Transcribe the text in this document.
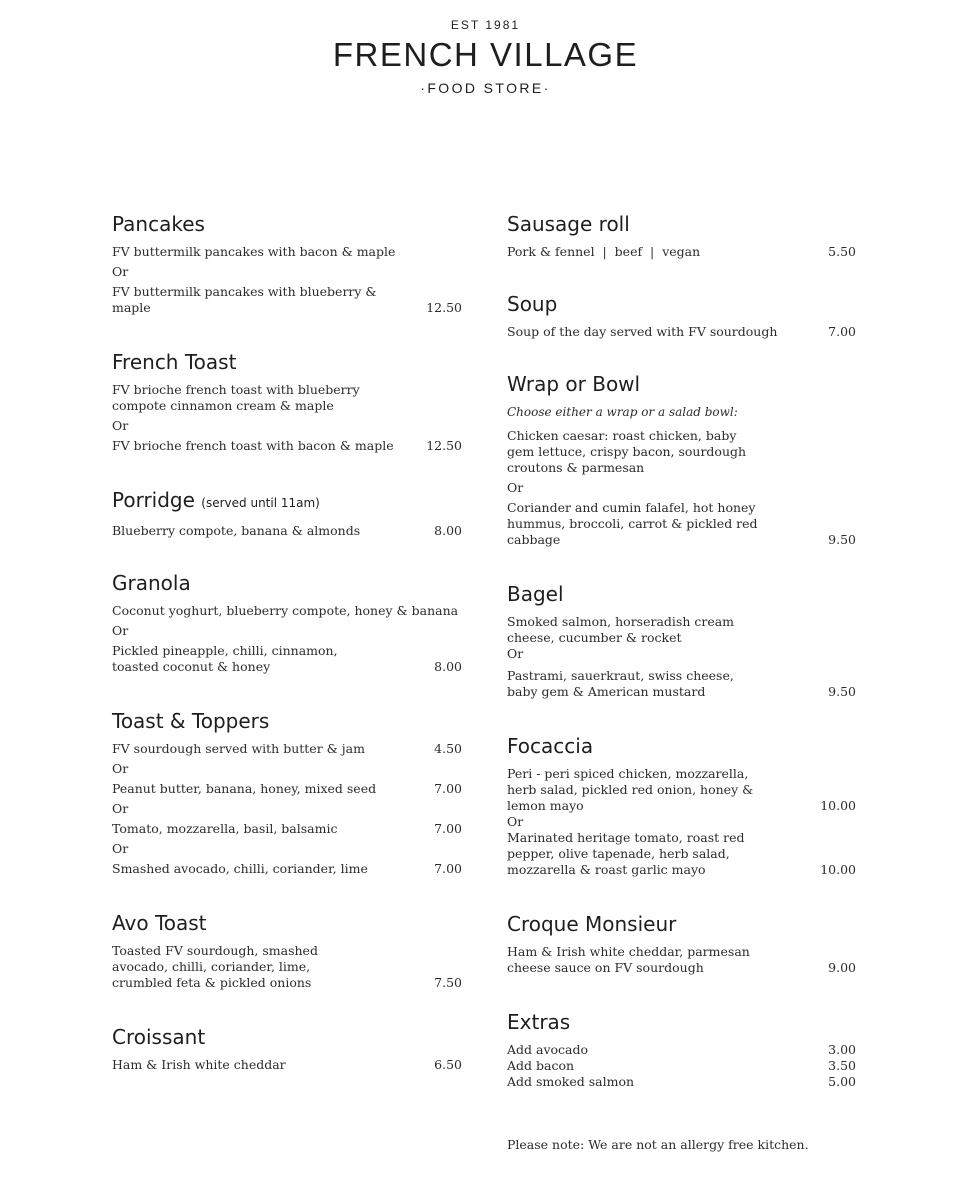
EST 1981
FRENCH VILLAGE
·FOOD STORE·
Pancakes
FV buttermilk pancakes with bacon & maple
Or
FV buttermilk pancakes with blueberry & maple	12.50
French Toast
FV brioche french toast with blueberry compote cinnamon cream & maple
Or
FV brioche french toast with bacon & maple	12.50
Porridge (served until 11am)
Blueberry compote, banana & almonds	8.00
Granola
Coconut yoghurt, blueberry compote, honey & banana
Or
Pickled pineapple, chilli, cinnamon, toasted coconut & honey	8.00
Toast & Toppers
FV sourdough served with butter & jam	4.50
Or
Peanut butter, banana, honey, mixed seed	7.00
Or
Tomato, mozzarella, basil, balsamic	7.00
Or
Smashed avocado, chilli, coriander, lime	7.00
Avo Toast
Toasted FV sourdough, smashed avocado, chilli, coriander, lime, crumbled feta & pickled onions	7.50
Croissant
Ham & Irish white cheddar	6.50
Sausage roll
Pork & fennel  |  beef  |  vegan	5.50
Soup
Soup of the day served with FV sourdough	7.00
Wrap or Bowl
Choose either a wrap or a salad bowl:
Chicken caesar: roast chicken, baby gem lettuce, crispy bacon, sourdough croutons & parmesan
Or
Coriander and cumin falafel, hot honey hummus, broccoli, carrot & pickled red cabbage	9.50
Bagel
Smoked salmon, horseradish cream cheese, cucumber & rocket
Or
Pastrami, sauerkraut, swiss cheese, baby gem & American mustard	9.50
Focaccia
Peri - peri spiced chicken, mozzarella, herb salad, pickled red onion, honey & lemon mayo	10.00
Or
Marinated heritage tomato, roast red pepper, olive tapenade, herb salad, mozzarella & roast garlic mayo	10.00
Croque Monsieur
Ham & Irish white cheddar, parmesan cheese sauce on FV sourdough	9.00
Extras
Add avocado	3.00
Add bacon	3.50
Add smoked salmon	5.00
Please note: We are not an allergy free kitchen.
